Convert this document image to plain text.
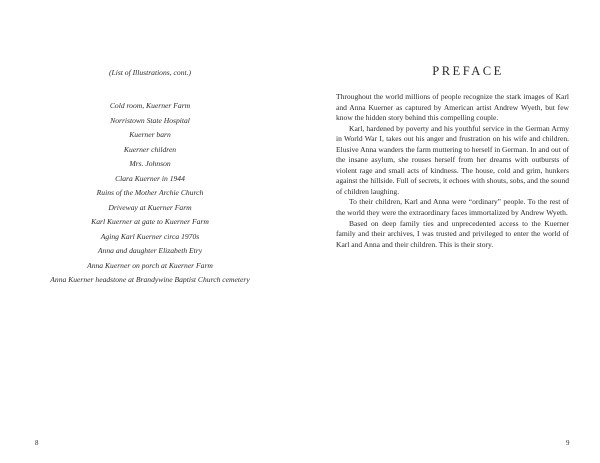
(List of Illustrations, cont.)

Cold room, Kuerner Farm
Norristown State Hospital
Kuerner barn
Kuerner children
Mrs. Johnson
Clara Kuerner in 1944
Ruins of the Mother Archie Church
Driveway at Kuerner Farm
Karl Kuerner at gate to Kuerner Farm
Aging Karl Kuerner circa 1970s
Anna and daughter Elizabeth Etry
Anna Kuerner on porch at Kuerner Farm
Anna Kuerner headstone at Brandywine Baptist Church cemetery

8

PREFACE

Throughout the world millions of people recognize the stark images of Karl and Anna Kuerner as captured by American artist Andrew Wyeth, but few know the hidden story behind this compelling couple.

Karl, hardened by poverty and his youthful service in the German Army in World War I, takes out his anger and frustration on his wife and children. Elusive Anna wanders the farm muttering to herself in German. In and out of the insane asylum, she rouses herself from her dreams with outbursts of violent rage and small acts of kindness. The house, cold and grim, hunkers against the hillside. Full of secrets, it echoes with shouts, sobs, and the sound of children laughing.

To their children, Karl and Anna were “ordinary” people. To the rest of the world they were the extraordinary faces immortalized by Andrew Wyeth.

Based on deep family ties and unprecedented access to the Kuerner family and their archives, I was trusted and privileged to enter the world of Karl and Anna and their children. This is their story.

9
